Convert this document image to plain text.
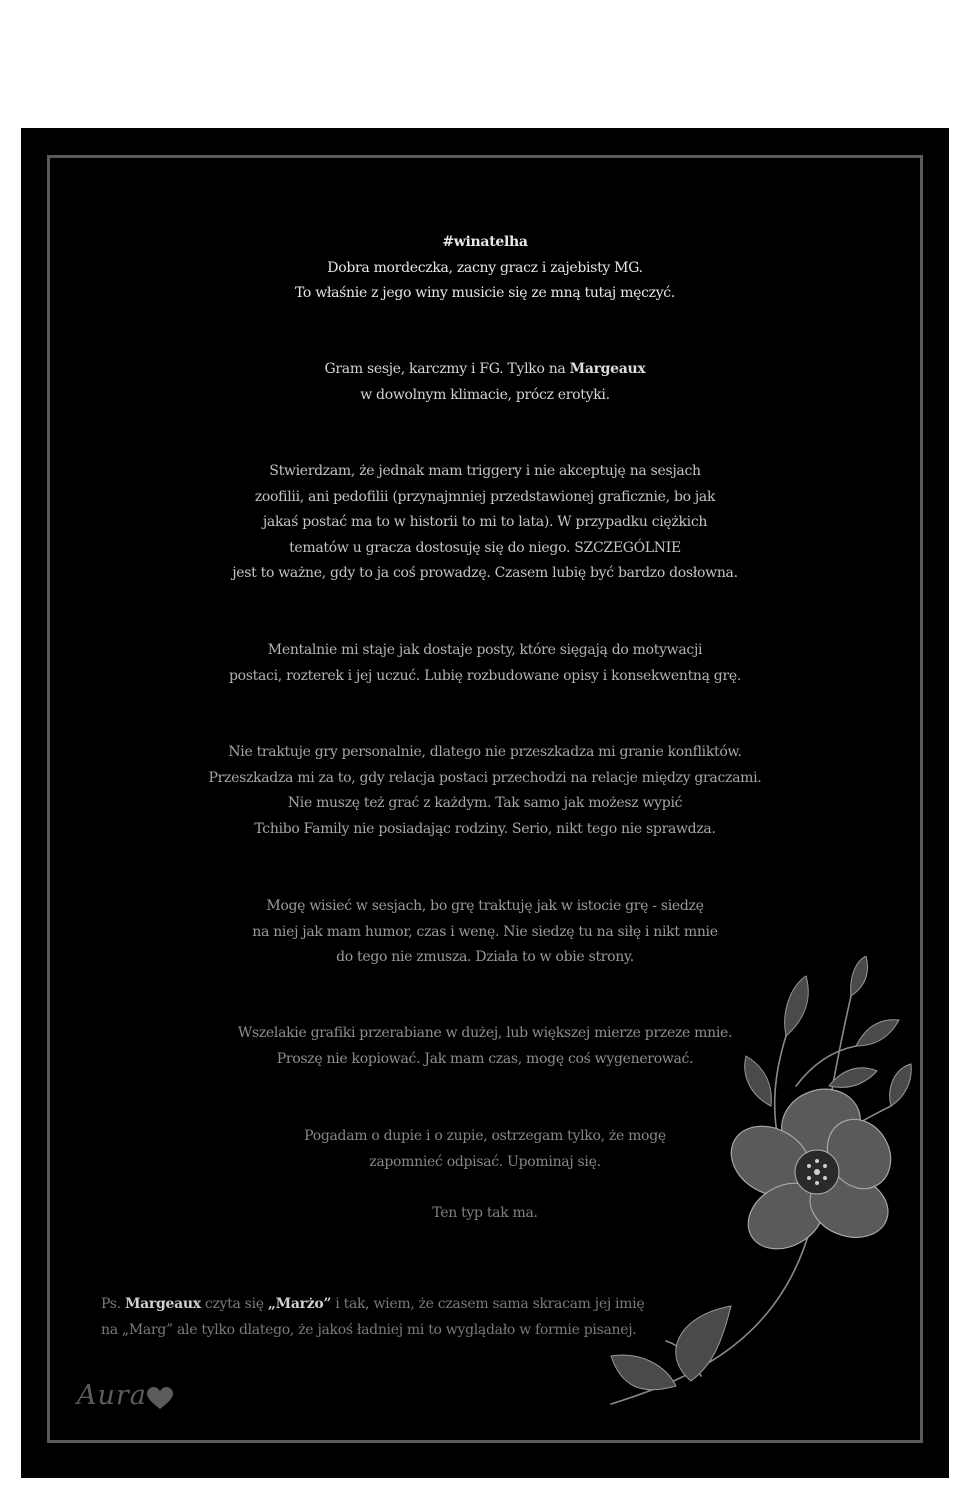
#winatelha
Dobra mordeczka, zacny gracz i zajebisty MG.
To właśnie z jego winy musicie się ze mną tutaj męczyć.

Gram sesje, karczmy i FG. Tylko na Margeaux
w dowolnym klimacie, prócz erotyki.

Stwierdzam, że jednak mam triggery i nie akceptuję na sesjach
zoofilii, ani pedofilii (przynajmniej przedstawionej graficznie, bo jak
jakaś postać ma to w historii to mi to lata). W przypadku ciężkich
tematów u gracza dostosuję się do niego. SZCZEGÓLNIE
jest to ważne, gdy to ja coś prowadzę. Czasem lubię być bardzo dosłowna.

Mentalnie mi staje jak dostaje posty, które sięgają do motywacji
postaci, rozterek i jej uczuć. Lubię rozbudowane opisy i konsekwentną grę.

Nie traktuje gry personalnie, dlatego nie przeszkadza mi granie konfliktów.
Przeszkadza mi za to, gdy relacja postaci przechodzi na relacje między graczami.
Nie muszę też grać z każdym. Tak samo jak możesz wypić
Tchibo Family nie posiadając rodziny. Serio, nikt tego nie sprawdza.

Mogę wisieć w sesjach, bo grę traktuję jak w istocie grę - siedzę
na niej jak mam humor, czas i wenę. Nie siedzę tu na siłę i nikt mnie
do tego nie zmusza. Działa to w obie strony.

Wszelakie grafiki przerabiane w dużej, lub większej mierze przeze mnie.
Proszę nie kopiować. Jak mam czas, mogę coś wygenerować.

Pogadam o dupie i o zupie, ostrzegam tylko, że mogę
zapomnieć odpisać. Upominaj się.

Ten typ tak ma.

Ps. Margeaux czyta się „Marżo” i tak, wiem, że czasem sama skracam jej imię
na „Marg” ale tylko dlatego, że jakoś ładniej mi to wyglądało w formie pisanej.

Aura
